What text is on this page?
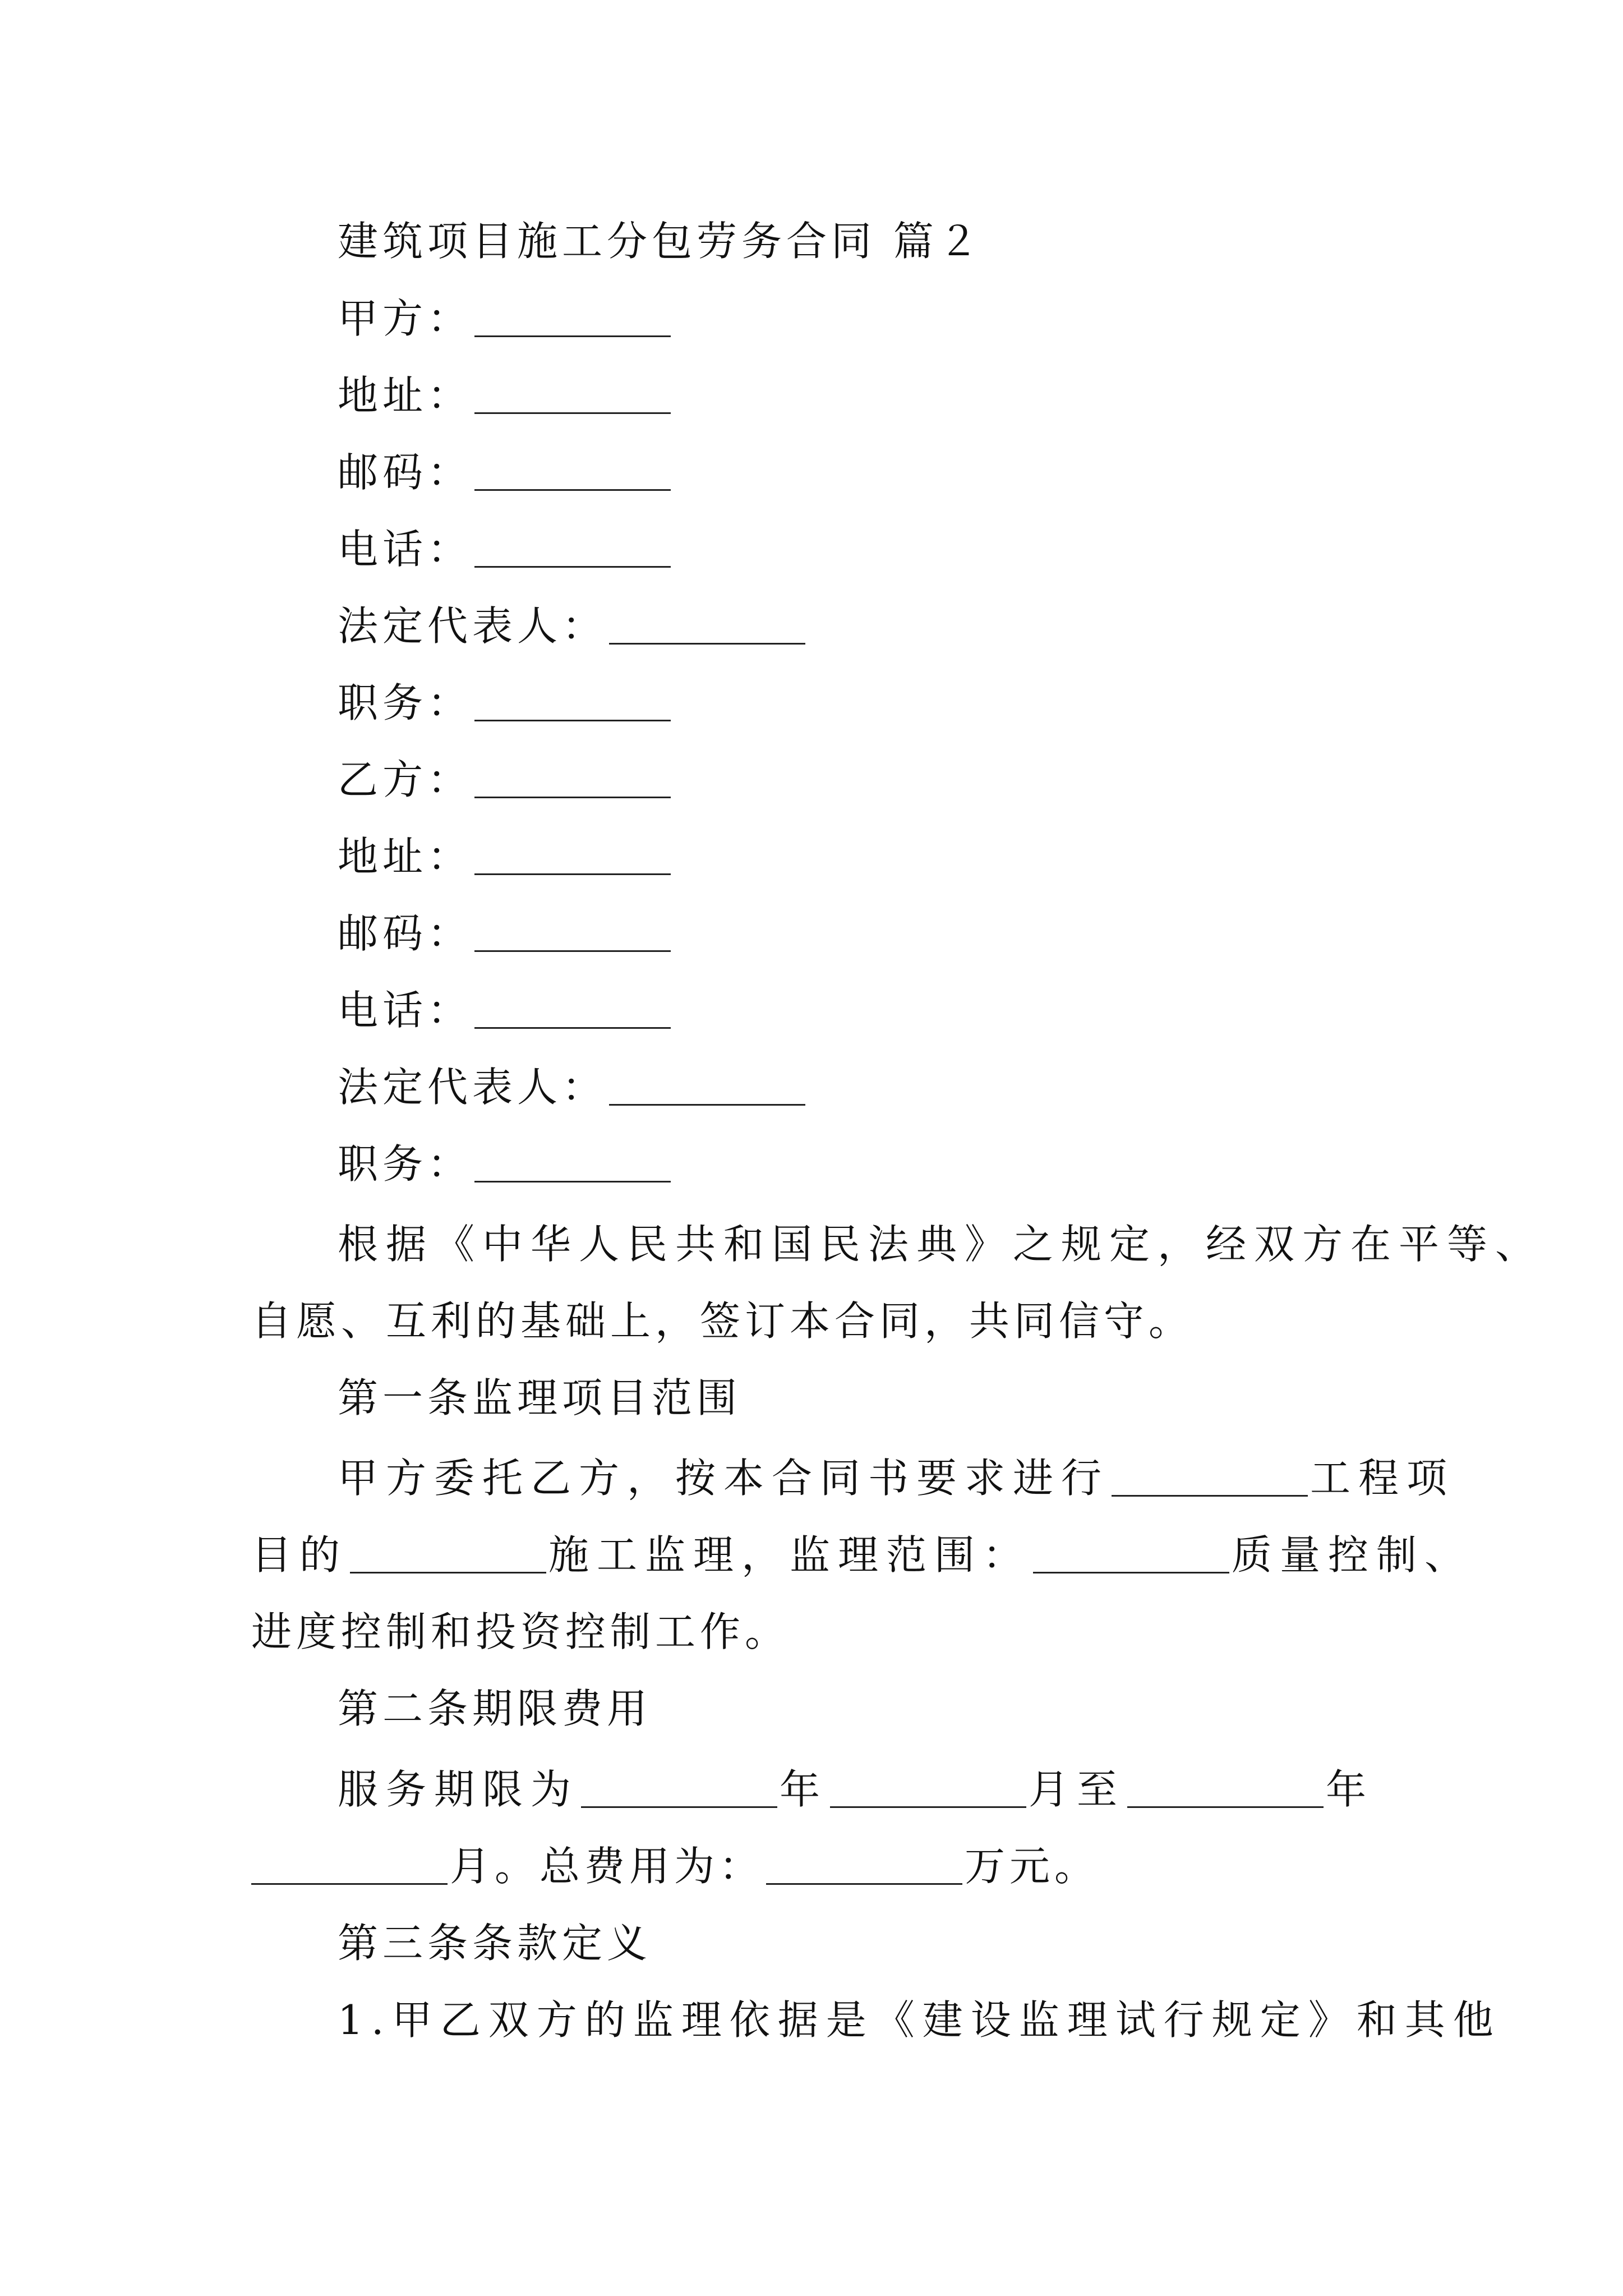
建筑项目施工分包劳务合同 篇２
甲方：
地址：
邮码：
电话：
法定代表人：
职务：
乙方：
地址：
邮码：
电话：
法定代表人：
职务：
根据《中华人民共和国民法典》之规定，经双方在平等、
自愿、互利的基础上，签订本合同，共同信守。
第一条监理项目范围
甲方委托乙方，按本合同书要求进行	工程项
目的	施工监理，监理范围：	质量控制、
进度控制和投资控制工作。
第二条期限费用
服务期限为	年	月至	年
月。总费用为：	万元。
第三条条款定义
1.甲乙双方的监理依据是《建设监理试行规定》和其他
